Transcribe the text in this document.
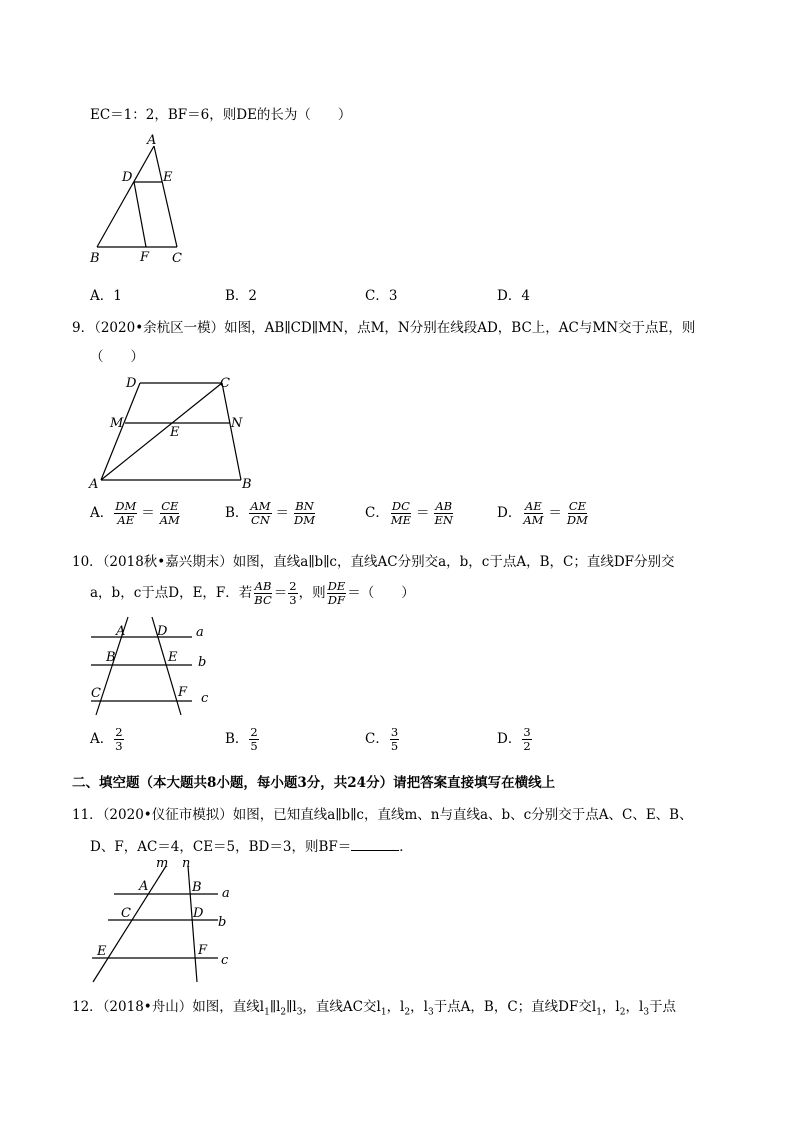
EC＝1：2，BF＝6，则DE的长为（　　）
A
D E
B	F C
A．1	B．2	C．3	D．4
9．（2020•余杭区一模）如图，AB∥CD∥MN，点M，N分别在线段AD，BC上，AC与MN交于点E，则
（　　）
D	C
M
E
N
A	B
A． $\frac{DM}{AE} = \frac{CE}{AM}$	B． $\frac{AM}{CN} = \frac{BN}{DM}$	C． $\frac{DC}{ME} = \frac{AB}{EN}$	D． $\frac{AE}{AM} = \frac{CE}{DM}$
10．（2018秋•嘉兴期末）如图，直线a∥b∥c，直线AC分别交a，b，c于点A，B，C；直线DF分别交
a，b，c于点D，E，F．若 $\frac{AB}{BC} = \frac{2}{3}$ ，则 $\frac{DE}{DF}$ ＝（　　）
A D a
B	E b
C	F c
A． $\frac{2}{3}$	B． $\frac{2}{5}$	C． $\frac{3}{5}$	D． $\frac{3}{2}$
二、填空题（本大题共8小题，每小题3分，共24分）请把答案直接填写在横线上
11．（2020•仪征市模拟）如图，已知直线a∥b∥c，直线m、n与直线a、b、c分别交于点A、C、E、B、
D、F，AC＝4，CE＝5，BD＝3，则BF＝	．
m n
A	B a
C	D
b
E	F
c
12．（2018•舟山）如图，直线$l_1\parallel l_2\parallel l_3$，直线AC交$l_1$，$l_2$，$l_3$于点A，B，C；直线DF交$l_1$，$l_2$，$l_3$于点
